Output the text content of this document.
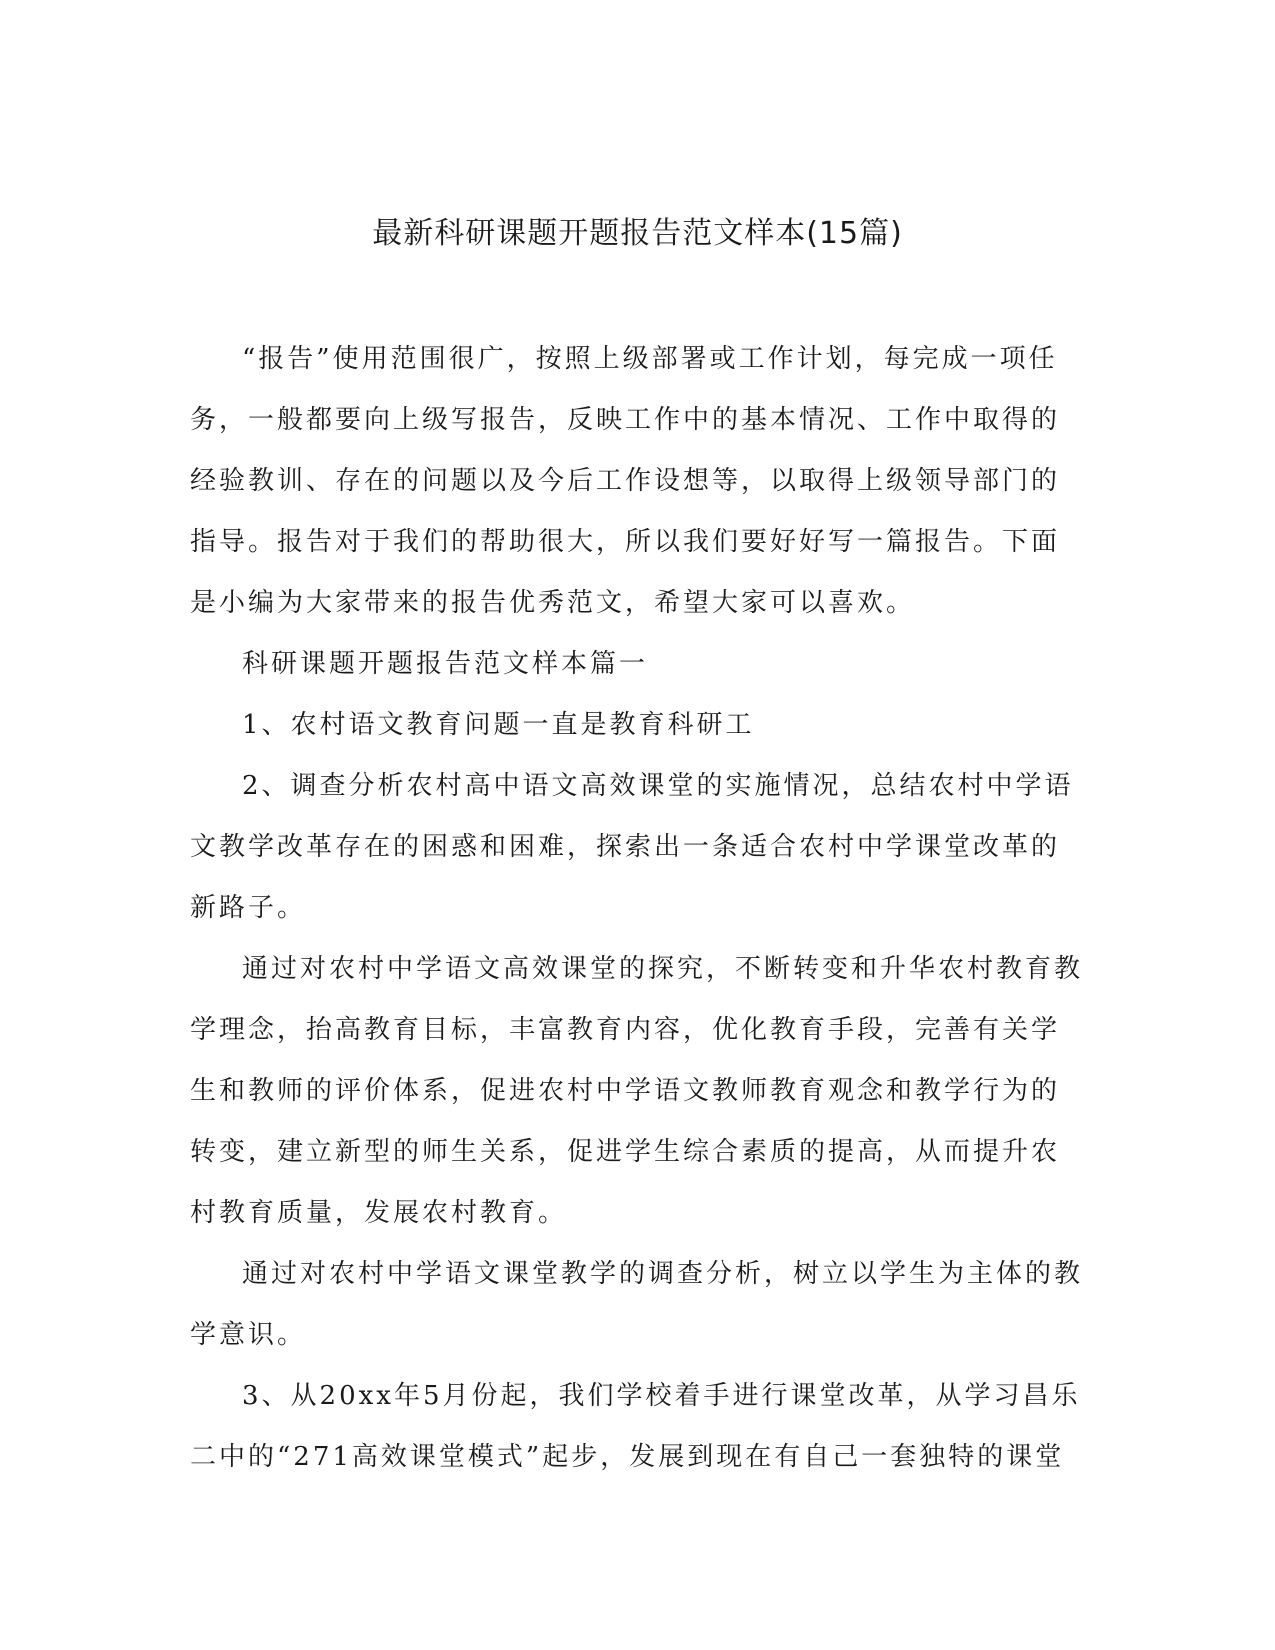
最新科研课题开题报告范文样本(15篇)

“报告”使用范围很广，按照上级部署或工作计划，每完成一项任务，一般都要向上级写报告，反映工作中的基本情况、工作中取得的经验教训、存在的问题以及今后工作设想等，以取得上级领导部门的指导。报告对于我们的帮助很大，所以我们要好好写一篇报告。下面是小编为大家带来的报告优秀范文，希望大家可以喜欢。

科研课题开题报告范文样本篇一

1、农村语文教育问题一直是教育科研工

2、调查分析农村高中语文高效课堂的实施情况，总结农村中学语文教学改革存在的困惑和困难，探索出一条适合农村中学课堂改革的新路子。

通过对农村中学语文高效课堂的探究，不断转变和升华农村教育教学理念，抬高教育目标，丰富教育内容，优化教育手段，完善有关学生和教师的评价体系，促进农村中学语文教师教育观念和教学行为的转变，建立新型的师生关系，促进学生综合素质的提高，从而提升农村教育质量，发展农村教育。

通过对农村中学语文课堂教学的调查分析，树立以学生为主体的教学意识。

3、从20xx年5月份起，我们学校着手进行课堂改革，从学习昌乐二中的“271高效课堂模式”起步，发展到现在有自己一套独特的课堂
